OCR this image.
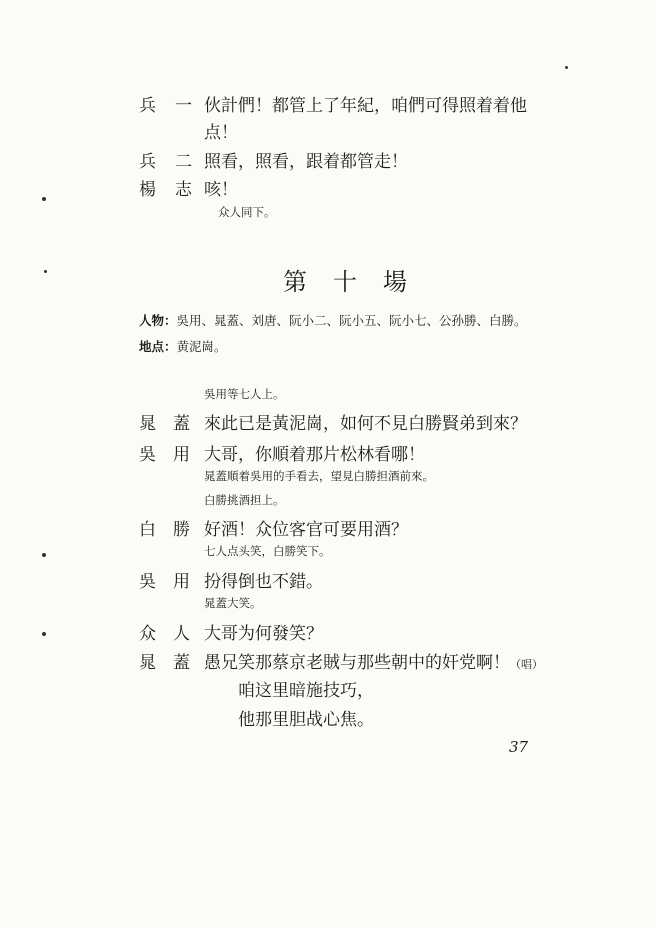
兵 一 伙計們！都管上了年紀，咱們可得照着着他
点！
兵 二 照看，照看，跟着都管走！
楊 志 咳！
众人同下。
第 十 場
人物：吳用、晁蓋、刘唐、阮小二、阮小五、阮小七、公孙勝、白勝。
地点：黄泥崗。
吳用等七人上。
晁 蓋 來此已是黃泥崗，如何不見白勝賢弟到來？
吳 用 大哥，你順着那片松林看哪！
晁蓋順着吳用的手看去，望見白勝担酒前來。
白勝挑酒担上。
白 勝 好酒！众位客官可要用酒？
七人点头笑，白勝笑下。
吳 用 扮得倒也不錯。
晁蓋大笑。
众 人 大哥为何發笑？
晁 蓋 愚兄笑那蔡京老賊与那些朝中的奸党啊！（唱）
咱这里暗施技巧，
他那里胆战心焦。
37
